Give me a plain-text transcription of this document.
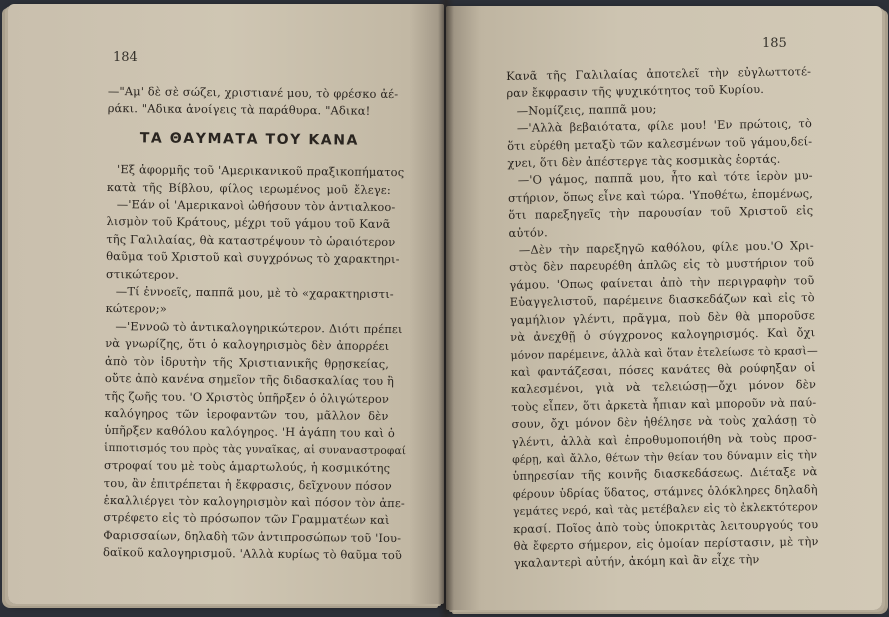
184
—"Αμ' δὲ σὲ σώζει, χριστιανέ μου, τὸ φρέσκο ἀέ-
ράκι. "Αδικα ἀνοίγεις τὰ παράθυρα. "Αδικα!
ΤΑ ΘΑΥΜΑΤΑ ΤΟΥ ΚΑΝΑ
'Εξ ἀφορμῆς τοῦ 'Αμερικανικοῦ πραξικοπήματος
κατὰ τῆς Βίβλου, φίλος ιερωμένος μοῦ ἔλεγε:
—'Εάν οἱ 'Αμερικανοὶ ὠθήσουν τὸν ἀντιαλκοο-
λισμὸν τοῦ Κράτους, μέχρι τοῦ γάμου τοῦ Κανᾶ
τῆς Γαλιλαίας, θὰ καταστρέψουν τὸ ὡραιότερον
θαῦμα τοῦ Χριστοῦ καὶ συγχρόνως τὸ χαρακτηρι-
στικώτερον.
—Τί ἐννοεῖς, παππᾶ μου, μὲ τὸ «χαρακτηριστι-
κώτερον;»
—'Εννοῶ τὸ ἀντικαλογηρικώτερον. Διότι πρέπει
νὰ γνωρίζης, ὅτι ὁ καλογηρισμὸς δὲν ἀπορρέει
ἀπὸ τὸν ἱδρυτὴν τῆς Χριστιανικῆς θρῃσκείας,
οὔτε ἀπὸ κανένα σημεῖον τῆς διδασκαλίας του ἢ
τῆς ζωῆς του. 'Ο Χριστὸς ὑπῆρξεν ὁ ὀλιγώτερον
καλόγηρος τῶν ἱεροφαντῶν του, μᾶλλον δὲν
ὑπῆρξεν καθόλου καλόγηρος. 'Η ἀγάπη του καὶ ὁ
ἱπποτισμός του πρὸς τὰς γυναῖκας, αἱ συναναστροφαί
στροφαί του μὲ τοὺς ἁμαρτωλούς, ἡ κοσμικότης
του, ἂν ἐπιτρέπεται ἡ ἔκφρασις, δεῖχνουν πόσον
ἐκαλλιέργει τὸν καλογηρισμὸν καὶ πόσον τὸν ἀπε-
στρέφετο εἰς τὸ πρόσωπον τῶν Γραμματέων καὶ
Φαρισσαίων, δηλαδὴ τῶν ἀντιπροσώπων τοῦ 'Ιου-
δαϊκοῦ καλογηρισμοῦ. 'Αλλὰ κυρίως τὸ θαῦμα τοῦ
185
Κανᾶ τῆς Γαλιλαίας ἀποτελεῖ τὴν εὐγλωττοτέ-
ραν ἔκφρασιν τῆς ψυχικότητος τοῦ Κυρίου.
—Νομίζεις, παππᾶ μου;
—'Αλλὰ βεβαιότατα, φίλε μου! 'Εν πρώτοις, τὸ
ὅτι εὑρέθη μεταξὺ τῶν καλεσμένων τοῦ γάμου,δεί-
χνει, ὅτι δὲν ἀπέστεργε τὰς κοσμικὰς ἑορτάς.
—'Ο γάμος, παππᾶ μου, ἦτο καὶ τότε ἱερὸν μυ-
στήριον, ὅπως εἶνε καὶ τώρα. 'Υποθέτω, ἑπομένως,
ὅτι παρεξηγεῖς τὴν παρουσίαν τοῦ Χριστοῦ εἰς
αὐτόν.
—Δὲν τὴν παρεξηγῶ καθόλου, φίλε μου.'Ο Χρι-
στὸς δὲν παρευρέθη ἁπλῶς εἰς τὸ μυστήριον τοῦ
γάμου. 'Οπως φαίνεται ἀπὸ τὴν περιγραφὴν τοῦ
Εὐαγγελιστοῦ, παρέμεινε διασκεδάζων καὶ εἰς τὸ
γαμήλιον γλέντι, πρᾶγμα, ποὺ δὲν θὰ μποροῦσε
νὰ ἀνεχθῇ ὁ σύγχρονος καλογηρισμός. Καὶ ὄχι
μόνον παρέμεινε, ἀλλὰ καὶ ὅταν ἐτελείωσε τὸ κρασὶ—
καὶ φαντάζεσαι, πόσες κανάτες θὰ ρούφηξαν οἱ
καλεσμένοι, γιὰ νὰ τελειώσῃ—ὄχι μόνον δὲν
τοὺς εἶπεν, ὅτι ἀρκετὰ ἦπιαν καὶ μποροῦν νὰ παύ-
σουν, ὄχι μόνον δὲν ἠθέλησε νὰ τοὺς χαλάσῃ τὸ
γλέντι, ἀλλὰ καὶ ἐπροθυμοποιήθη νὰ τοὺς προσ-
φέρῃ, καὶ ἄλλο, θέτων τὴν θείαν του δύναμιν εἰς τὴν
ὑπηρεσίαν τῆς κοινῆς διασκεδάσεως. Διέταξε νὰ
φέρουν ὑδρίας ὕδατος, στάμνες ὁλόκληρες δηλαδὴ
γεμάτες νερό, καὶ τὰς μετέβαλεν εἰς τὸ ἐκλεκτότερον
κρασί. Ποῖος ἀπὸ τοὺς ὑποκριτὰς λειτουργούς του
θὰ ἔφερτο σήμερον, εἰς ὁμοίαν περίστασιν, μὲ τὴν
γκαλαντερὶ αὐτήν, ἀκόμη καὶ ἂν εἶχε τὴν
